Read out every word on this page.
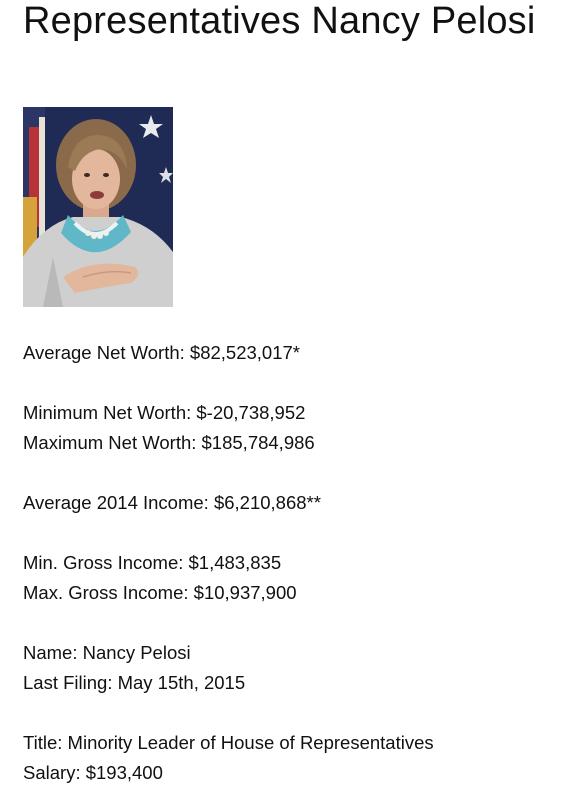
Representatives Nancy Pelosi
Average Net Worth: $82,523,017*
Minimum Net Worth: $-20,738,952
Maximum Net Worth: $185,784,986
Average 2014 Income: $6,210,868**
Min. Gross Income: $1,483,835
Max. Gross Income: $10,937,900
Name: Nancy Pelosi
Last Filing: May 15th, 2015
Title: Minority Leader of House of Representatives
Salary: $193,400
